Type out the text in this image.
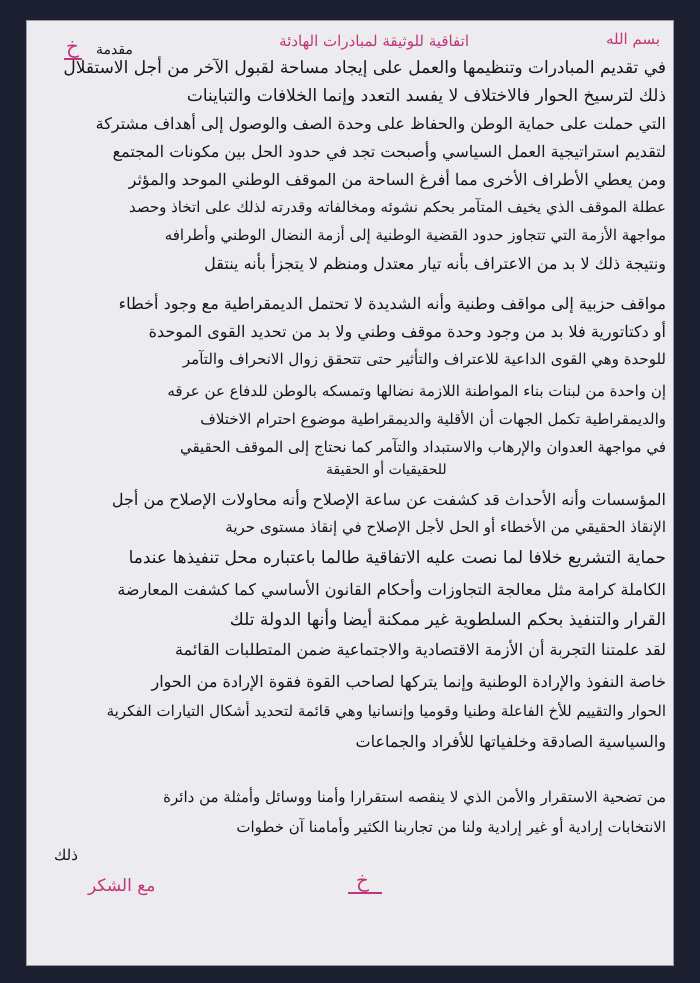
بسم الله
اتفاقية للوثيقة لمبادرات الهادئة
خ مقدمة
في تقديم المبادرات وتنظيمها والعمل على إيجاد مساحة لقبول الآخر من أجل الاستقلال
ذلك لترسيخ الحوار فالاختلاف لا يفسد التعدد وإنما الخلافات والتباينات
التي حملت على حماية الوطن والحفاظ على وحدة الصف والوصول إلى أهداف مشتركة
لتقديم استراتيجية العمل السياسي وأصبحت تجد في حدود الحل بين مكونات المجتمع
ومن يعطي الأطراف الأخرى مما أفرغ الساحة من الموقف الوطني الموحد والمؤثر
عطلة الموقف الذي يخيف المتآمر بحكم نشوئه ومخالفاته وقدرته لذلك على اتخاذ وحصد
مواجهة الأزمة التي تتجاوز حدود القضية الوطنية إلى أزمة النضال الوطني وأطرافه
ونتيجة ذلك لا بد من الاعتراف بأنه تيار معتدل ومنظم لا يتجزأ بأنه ينتقل
مواقف حزبية إلى مواقف وطنية وأنه الشديدة لا تحتمل الديمقراطية مع وجود أخطاء
أو دكتاتورية فلا بد من وجود وحدة موقف وطني ولا بد من تحديد القوى الموحدة
للوحدة وهي القوى الداعية للاعتراف والتأثير حتى تتحقق زوال الانحراف والتآمر
إن واحدة من لبنات بناء المواطنة اللازمة نضالها وتمسكه بالوطن للدفاع عن عرقه
والديمقراطية تكمل الجهات أن الأقلية والديمقراطية موضوع احترام الاختلاف
في مواجهة العدوان والإرهاب والاستبداد والتآمر كما نحتاج إلى الموقف الحقيقي
للحقيقيات أو الحقيقة
المؤسسات وأنه الأحداث قد كشفت عن ساعة الإصلاح وأنه محاولات الإصلاح من أجل
الإنقاذ الحقيقي من الأخطاء أو الحل لأجل الإصلاح في إنقاذ مستوى حرية
حماية التشريع خلافا لما نصت عليه الاتفاقية طالما باعتباره محل تنفيذها عندما
الكاملة كرامة مثل معالجة التجاوزات وأحكام القانون الأساسي كما كشفت المعارضة
القرار والتنفيذ بحكم السلطوية غير ممكنة أيضا وأنها الدولة تلك
لقد علمتنا التجربة أن الأزمة الاقتصادية والاجتماعية ضمن المتطلبات القائمة
خاصة النفوذ والإرادة الوطنية وإنما يتركها لصاحب القوة فقوة الإرادة من الحوار
الحوار والتقييم للأخ الفاعلة وطنيا وقوميا وإنسانيا وهي قائمة لتحديد أشكال التيارات الفكرية
والسياسية الصادقة وخلفياتها للأفراد والجماعات
من تضحية الاستقرار والأمن الذي لا ينقصه استقرارا وأمنا ووسائل وأمثلة من دائرة
الانتخابات إرادية أو غير إرادية ولنا من تجاربنا الكثير وأمامنا آن خطوات
ذلك
خ
مع الشكر
